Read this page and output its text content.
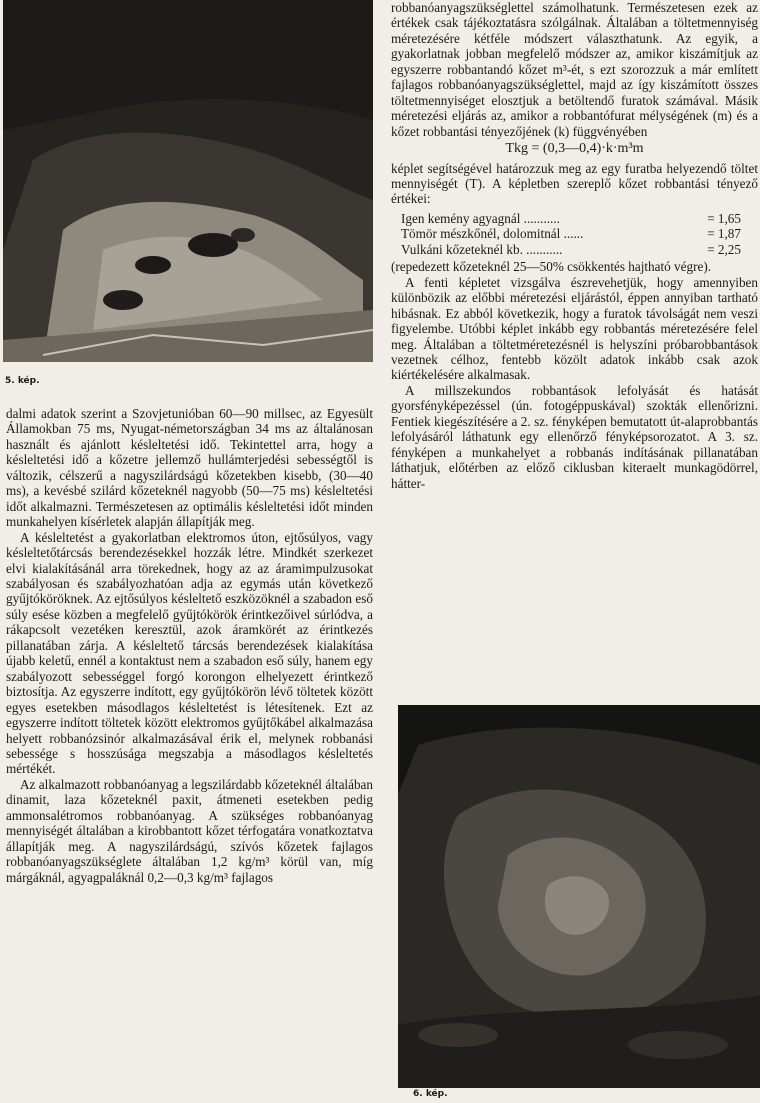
5. kép.

dalmi adatok szerint a Szovjetunióban 60—90 millsec, az Egyesült Államokban 75 ms, Nyugat-németországban 34 ms az általánosan használt és ajánlott késleltetési idő. Tekintettel arra, hogy a késleltetési idő a kőzetre jellemző hullámterjedési sebességtől is változik, célszerű a nagyszilárdságú kőzetekben kisebb, (30—40 ms), a kevésbé szilárd kőzeteknél nagyobb (50—75 ms) késleltetési időt alkalmazni. Természetesen az optimális késleltetési időt minden munkahelyen kísérletek alapján állapítják meg.

A késleltetést a gyakorlatban elektromos úton, ejtősúlyos, vagy késleltetőtárcsás berendezésekkel hozzák létre. Mindkét szerkezet elvi kialakításánál arra törekednek, hogy az az áramimpulzusokat szabályosan és szabályozhatóan adja az egymás után következő gyűjtóköröknek. Az ejtősúlyos késleltető eszközöknél a szabadon eső súly esése közben a megfelelő gyűjtókörök érintkezőivel súrlódva, a rákapcsolt vezetéken keresztül, azok áramkörét az érintkezés pillanatában zárja. A késleltető tárcsás berendezések kialakítása újabb keletű, ennél a kontaktust nem a szabadon eső súly, hanem egy szabályozott sebességgel forgó korongon elhelyezett érintkező biztosítja. Az egyszerre indított, egy gyűjtókörön lévő töltetek között egyes esetekben másodlagos késleltetést is létesítenek. Ezt az egyszerre indított töltetek között elektromos gyűjtőkábel alkalmazása helyett robbanózsinór alkalmazásával érik el, melynek robbanási sebessége s hosszúsága megszabja a másodlagos késleltetés mértékét.

Az alkalmazott robbanóanyag a legszilárdabb kőzeteknél általában dinamit, laza kőzeteknél paxit, átmeneti esetekben pedig ammonsalétromos robbanóanyag. A szükséges robbanóanyag mennyiségét általában a kirobbantott kőzet térfogatára vonatkoztatva állapítják meg. A nagyszilárdságú, szívós kőzetek fajlagos robbanóanyagszükséglete általában 1,2 kg/m³ körül van, míg márgáknál, agyagpaláknál 0,2—0,3 kg/m³ fajlagos

robbanóanyagszükséglettel számolhatunk. Természetesen ezek az értékek csak tájékoztatásra szólgálnak. Általában a töltetmennyiség méretezésére kétféle módszert választhatunk. Az egyik, a gyakorlatnak jobban megfelelő módszer az, amikor kiszámítjuk az egyszerre robbantandó kőzet m³-ét, s ezt szorozzuk a már említett fajlagos robbanóanyagszükséglettel, majd az így kiszámított összes töltetmennyiséget elosztjuk a betöltendő furatok számával. Másik méretezési eljárás az, amikor a robbantófurat mélységének (m) és a kőzet robbantási tényezőjének (k) függvényében

Tkg = (0,3—0,4)·k·m³m

képlet segítségével határozzuk meg az egy furatba helyezendő töltet mennyiségét (T). A képletben szereplő kőzet robbantási tényező értékei:

Igen kemény agyagnál ...........	= 1,65
Tömör mészkőnél, dolomitnál ......	= 1,87
Vulkáni kőzeteknél kb. ...........	= 2,25

(repedezett kőzeteknél 25—50% csökkentés hajtható végre).

A fenti képletet vizsgálva észrevehetjük, hogy amennyiben különbözik az előbbi méretezési eljárástól, éppen annyiban tartható hibásnak. Ez abból következik, hogy a furatok távolságát nem veszi figyelembe. Utóbbi képlet inkább egy robbantás méretezésére felel meg. Általában a töltetméretezésnél is helyszíni próbarobbantások vezetnek célhoz, fentebb közölt adatok inkább csak azok kiértékelésére alkalmasak.

A millszekundos robbantások lefolyását és hatását gyorsfényképezéssel (ún. fotogéppuskával) szokták ellenőrizni. Fentiek kiegészítésére a 2. sz. fényképen bemutatott út-alaprobbantás lefolyásáról láthatunk egy ellenőrző fényképsorozatot. A 3. sz. fényképen a munkahelyet a robbanás indításának pillanatában láthatjuk, előtérben az előző ciklusban kiteraelt munkagödörrel, hátter-

6. kép.
